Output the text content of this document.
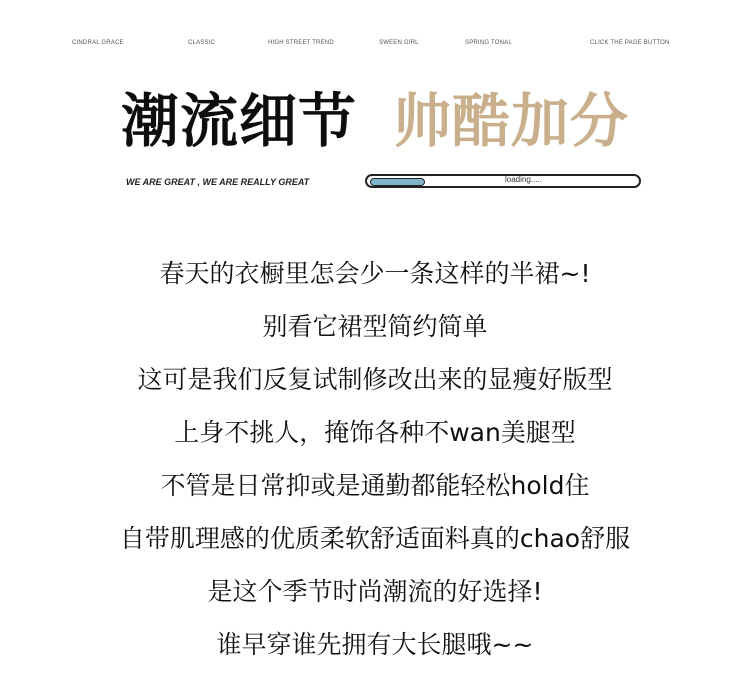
CINDRAL GRACE	CLASSIC	HIGH STREET TREND	SWEEN GIRL	SPRING TONAL	CLICK THE PAGE BUTTON
潮流细节 帅酷加分
WE ARE GREAT , WE ARE REALLY GREAT	loading.....
春天的衣橱里怎会少一条这样的半裙~!
别看它裙型简约简单
这可是我们反复试制修改出来的显瘦好版型
上身不挑人，掩饰各种不wan美腿型
不管是日常抑或是通勤都能轻松hold住
自带肌理感的优质柔软舒适面料真的chao舒服
是这个季节时尚潮流的好选择!
谁早穿谁先拥有大长腿哦~~
